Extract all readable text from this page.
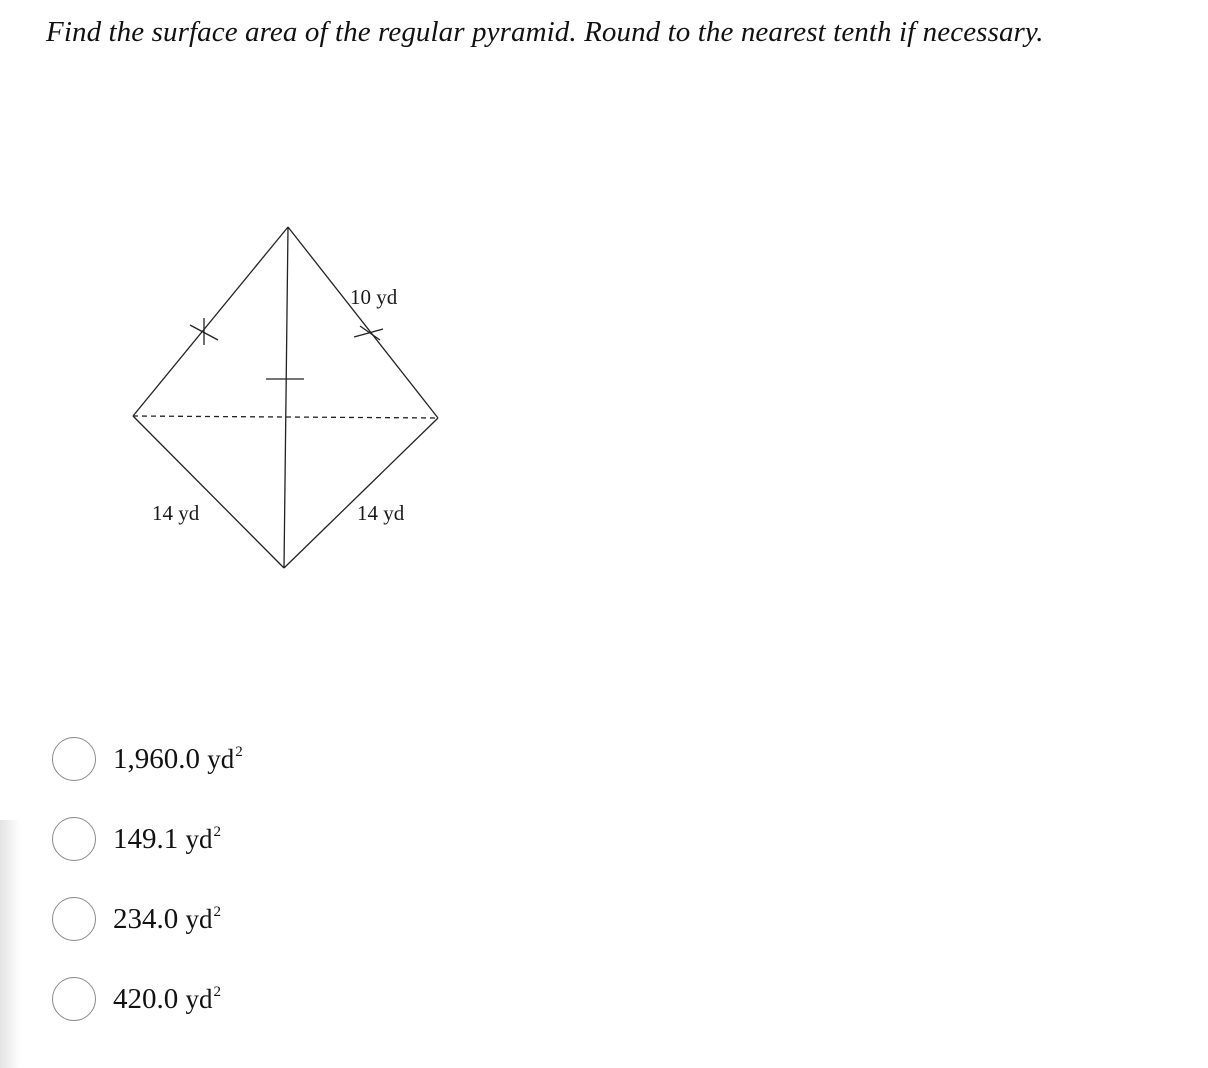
Find the surface area of the regular pyramid. Round to the nearest tenth if necessary.
10 yd
14 yd	14 yd
1,960.0 $yd^2$
149.1 $yd^2$
234.0 $yd^2$
420.0 $yd^2$
